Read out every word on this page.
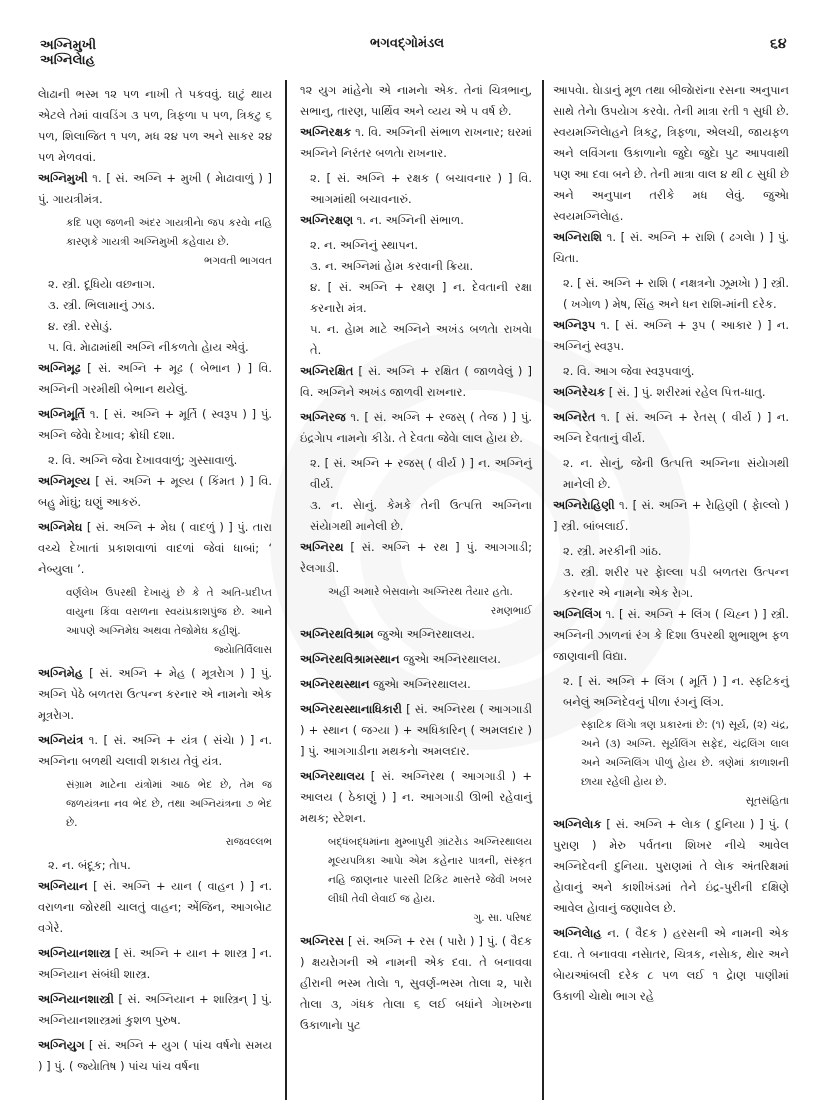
અગ્નિમુખી
અગ્નિલેાહ
ભગવદ્ગોમંડલ	૬૪
લેાઢાની ભસ્મ ૧૨ પળ નાખી તે પકવવું. ઘાટું થાય એટલે તેમાં વાવડિંગ ૩ પળ, ત્રિફળા ૫ પળ, ત્રિકટુ ૬ પળ, શિલાજિત ૧ પળ, મધ ૨૪ પળ અને સાકર ૨૪ પળ મેળવવાં.
અગ્નિમુખી ૧. [ સં. અગ્નિ + મુખી ( મેાઢાવાળું ) ] પું. ગાયત્રીમંત્ર.
કદિ પણ જળની અંદર ગાયત્રીનેા જપ કરવેા નહિ કારણકે ગાયત્રી અગ્નિમુખી કહેવાય છે.
ભગવતી ભાગવત
૨. સ્ત્રી. દૂધિયેા વછનાગ.
૩. સ્ત્રી. ભિલામાનું ઝાડ.
૪. સ્ત્રી. રસેાડું.
૫. વિ. મેાઢામાંથી અગ્નિ નીકળતેા હેાય એવું.
અગ્નિમૂઢ [ સં. અગ્નિ + મૂઢ ( બેભાન ) ] વિ. અગ્નિની ગરમીથી બેભાન થયેલું.
અગ્નિમૂર્તિ ૧. [ સં. અગ્નિ + મૂર્તિ ( સ્વરૂપ ) ] પું. અગ્નિ જેવેા દેખાવ; ક્રોધી દશા.
૨. વિ. અગ્નિ જેવા દેખાવવાળું; ગુસ્સાવાળું.
અગ્નિમૂલ્ય [ સં. અગ્નિ + મૂલ્ય ( કિંમત ) ] વિ. બહુ મેાંઘું; ઘણું આકરું.
અગ્નિમેઘ [ સં. અગ્નિ + મેઘ ( વાદળું ) ] પું. તારા વચ્ચે દેખાતાં પ્રકાશવાળાં વાદળાં જેવાં ધાબાં; ‘ નેબ્યુલા ’.
વર્ણલેખ ઉપરથી દેખાયું છે કે તે અતિ-પ્રદીપ્ત વાયુના કિંવા વરાળના સ્વયંપ્રકાશપુંજ છે. આને આપણે અગ્નિમેઘ અથવા તેજોમેઘ કહીશું.
જ્યેાતિર્વિલાસ
અગ્નિમેહ [ સં. અગ્નિ + મેહ ( મૂત્રરેાગ ) ] પું. અગ્નિ પેઠે બળતરા ઉત્પન્ન કરનાર એ નામનેા એક મૂત્રરેાગ.
અગ્નિયંત્ર ૧. [ સં. અગ્નિ + યંત્ર ( સંચેા ) ] ન. અગ્નિના બળથી ચલાવી શકાય તેવું યંત્ર.
સંગ્રામ માટેના યંત્રોમાં આઠ ભેદ છે, તેમ જ જળયંત્રના નવ ભેદ છે, તથા અગ્નિયંત્રના ૭ ભેદ છે.
રાજવલ્લભ
૨. ન. બંદૂક; તેાપ.
અગ્નિયાન [ સં. અગ્નિ + યાન ( વાહન ) ] ન. વરાળના જોરથી ચાલતું વાહન; એંજિન, આગબેાટ વગેરે.
અગ્નિયાનશાસ્ત્ર [ સં. અગ્નિ + યાન + શાસ્ત્ર ] ન. અગ્નિયાન સંબંધી શાસ્ત્ર.
અગ્નિયાનશાસ્ત્રી [ સં. અગ્નિયાન + શાસ્ત્રિન્ ] પું. અગ્નિયાનશાસ્ત્રમાં કુશળ પુરુષ.
અગ્નિયુગ [ સં. અગ્નિ + યુગ ( પાંચ વર્ષનેા સમય ) ] પું. ( જ્યેાતિષ ) પાંચ પાંચ વર્ષના
૧૨ યુગ માંહેનેા એ નામનેા એક. તેનાં ચિત્રભાનુ, સભાનુ, તારણ, પાર્થિવ અને વ્યય એ ૫ વર્ષ છે.
અગ્નિરક્ષક ૧. વિ. અગ્નિની સંભાળ રાખનાર; ઘરમાં અગ્નિને નિરંતર બળતેા રાખનાર.
૨. [ સં. અગ્નિ + રક્ષક ( બચાવનાર ) ] વિ. આગમાંથી બચાવનારું.
અગ્નિરક્ષણ ૧. ન. અગ્નિની સંભાળ.
૨. ન. અગ્નિનું સ્થાપન.
૩. ન. અગ્નિમાં હેામ કરવાની ક્રિયા.
૪. [ સં. અગ્નિ + રક્ષણ ] ન. દેવતાની રક્ષા કરનારેા મંત્ર.
૫. ન. હેામ માટે અગ્નિને અખંડ બળતેા રાખવેા તે.
અગ્નિરક્ષિત [ સં. અગ્નિ + રક્ષિત ( જાળવેલું ) ] વિ. અગ્નિને અખંડ જાળવી રાખનાર.
અગ્નિરજ ૧. [ સં. અગ્નિ + રજસ્ ( તેજ ) ] પું. ઇંદ્રગેાપ નામનેા કીડેા. તે દેવતા જેવેા લાલ હેાય છે.
૨. [ સં. અગ્નિ + રજસ્ ( વીર્ય ) ] ન. અગ્નિનું વીર્ય.
૩. ન. સેાનું. કેમકે તેની ઉત્પત્તિ અગ્નિના સંયેાગથી માનેલી છે.
અગ્નિરથ [ સં. અગ્નિ + રથ ] પું. આગગાડી; રેલગાડી.
અહીં અમારે બેસવાનેા અગ્નિરથ તૈયાર હતેા.
રમણભાઈ
અગ્નિરથવિશ્રામ જુએા અગ્નિરથાલય.
અગ્નિરથવિશ્રામસ્થાન જુએા અગ્નિરથાલય.
અગ્નિરથસ્થાન જુએા અગ્નિરથાલય.
અગ્નિરથસ્થાનાધિકારી [ સં. અગ્નિરથ ( આગગાડી ) + સ્થાન ( જગ્યા ) + અધિકારિન્ ( અમલદાર ) ] પું. આગગાડીના મથકનેા અમલદાર.
અગ્નિરથાલય [ સં. અગ્નિરથ ( આગગાડી ) + આલય ( ઠેકાણું ) ] ન. આગગાડી ઊભી રહેવાનું મથક; સ્ટેશન.
બદ્ધંબદ્ધમાંના મુમ્બાપુરી ગ્રાંટરેાડ અગ્નિરથાલય મૂલ્યપત્રિકા આપેા એમ કહેનાર પાત્રની, સંસ્કૃત નહિ જાણનાર પારસી ટિકિટ માસ્તરે જેવી ખબર લીધી તેવી લેવાઈ જ હેાય.
ગુ. સા. પરિષદ
અગ્નિરસ [ સં. અગ્નિ + રસ ( પારેા ) ] પું. ( વૈદક ) ક્ષયરેાગની એ નામની એક દવા. તે બનાવવા હીરાની ભસ્મ તેાલેા ૧, સુવર્ણ-ભસ્મ તેાલા ૨, પારેા તેાલા ૩, ગંધક તેાલા ૬ લઈ બધાંને ગેાખરુના ઉકાળાનેા પુટ
આપવેા. ઘેાડાનું મૂળ તથા બીજેારાંના રસના અનુપાન સાથે તેનેા ઉપયેાગ કરવેા. તેની માત્રા રતી ૧ સુધી છે. સ્વયમગ્નિલેાહને ત્રિકટુ, ત્રિફળા, એલચી, જાયફળ અને લવિંગના ઉકાળાનેા જુદેા જુદેા પુટ આપવાથી પણ આ દવા બને છે. તેની માત્રા વાલ ૪ થી ૮ સુધી છે અને અનુપાન તરીકે મધ લેવું. જુએા સ્વયમગ્નિલેાહ.
અગ્નિરાશિ ૧. [ સં. અગ્નિ + રાશિ ( ઢગલેા ) ] પું. ચિતા.
૨. [ સં. અગ્નિ + રાશિ ( નક્ષત્રનેા ઝૂમખેા ) ] સ્ત્રી. ( ખગેાળ ) મેષ, સિંહ અને ધન રાશિ-માંની દરેક.
અગ્નિરૂપ ૧. [ સં. અગ્નિ + રૂપ ( આકાર ) ] ન. અગ્નિનું સ્વરૂપ.
૨. વિ. આગ જેવા સ્વરૂપવાળું.
અગ્નિરેચક [ સં. ] પું. શરીરમાં રહેલ પિત્ત-ધાતુ.
અગ્નિરેત ૧. [ સં. અગ્નિ + રેતસ્ ( વીર્ય ) ] ન. અગ્નિ દેવતાનું વીર્ય.
૨. ન. સેાનું, જેની ઉત્પત્તિ અગ્નિના સંયેાગથી માનેલી છે.
અગ્નિરેાહિણી ૧. [ સં. અગ્નિ + રેાહિણી ( ફેાલ્લો ) ] સ્ત્રી. બાંબલાઈ.
૨. સ્ત્રી. મરકીની ગાંઠ.
૩. સ્ત્રી. શરીર પર ફેાલ્લા પડી બળતરા ઉત્પન્ન કરનાર એ નામનેા એક રેાગ.
અગ્નિલિંગ ૧. [ સં. અગ્નિ + લિંગ ( ચિહ્ન ) ] સ્ત્રી. અગ્નિની ઝાળનાં રંગ કે દિશા ઉપરથી શુભાશુભ ફળ જાણવાની વિદ્યા.
૨. [ સં. અગ્નિ + લિંગ ( મૂર્તિ ) ] ન. સ્ફટિકનું બનેલું અગ્નિદેવનું પીળા રંગનું લિંગ.
સ્ફાટિક લિંગેા ત્રણ પ્રકારનાં છે: (૧) સૂર્ય, (૨) ચંદ્ર, અને (૩) અગ્નિ. સૂર્યલિંગ સફેદ, ચંદ્રલિંગ લાલ અને અગ્નિલિંગ પીળું હેાય છે. ત્રણેમાં કાળાશની છાયા રહેલી હેાય છે.
સૂતસંહિતા
અગ્નિલેાક [ સં. અગ્નિ + લેાક ( દુનિયા ) ] પું. ( પુરાણ ) મેરુ પર્વતના શિખર નીચે આવેલ અગ્નિદેવની દુનિયા. પુરાણમાં તે લેાક અંતરિક્ષમાં હેાવાનું અને કાશીખંડમાં તેને ઇંદ્ર-પુરીની દક્ષિણે આવેલ હેાવાનું જણાવેલ છે.
અગ્નિલેાહ ન. ( વૈદક ) હરસની એ નામની એક દવા. તે બનાવવા નસેાતર, ચિત્રક, નસેાક, થેાર અને બેાયઆંબલી દરેક ૮ પળ લઈ ૧ દ્રેાણ પાણીમાં ઉકાળી ચેાથેા ભાગ રહે
